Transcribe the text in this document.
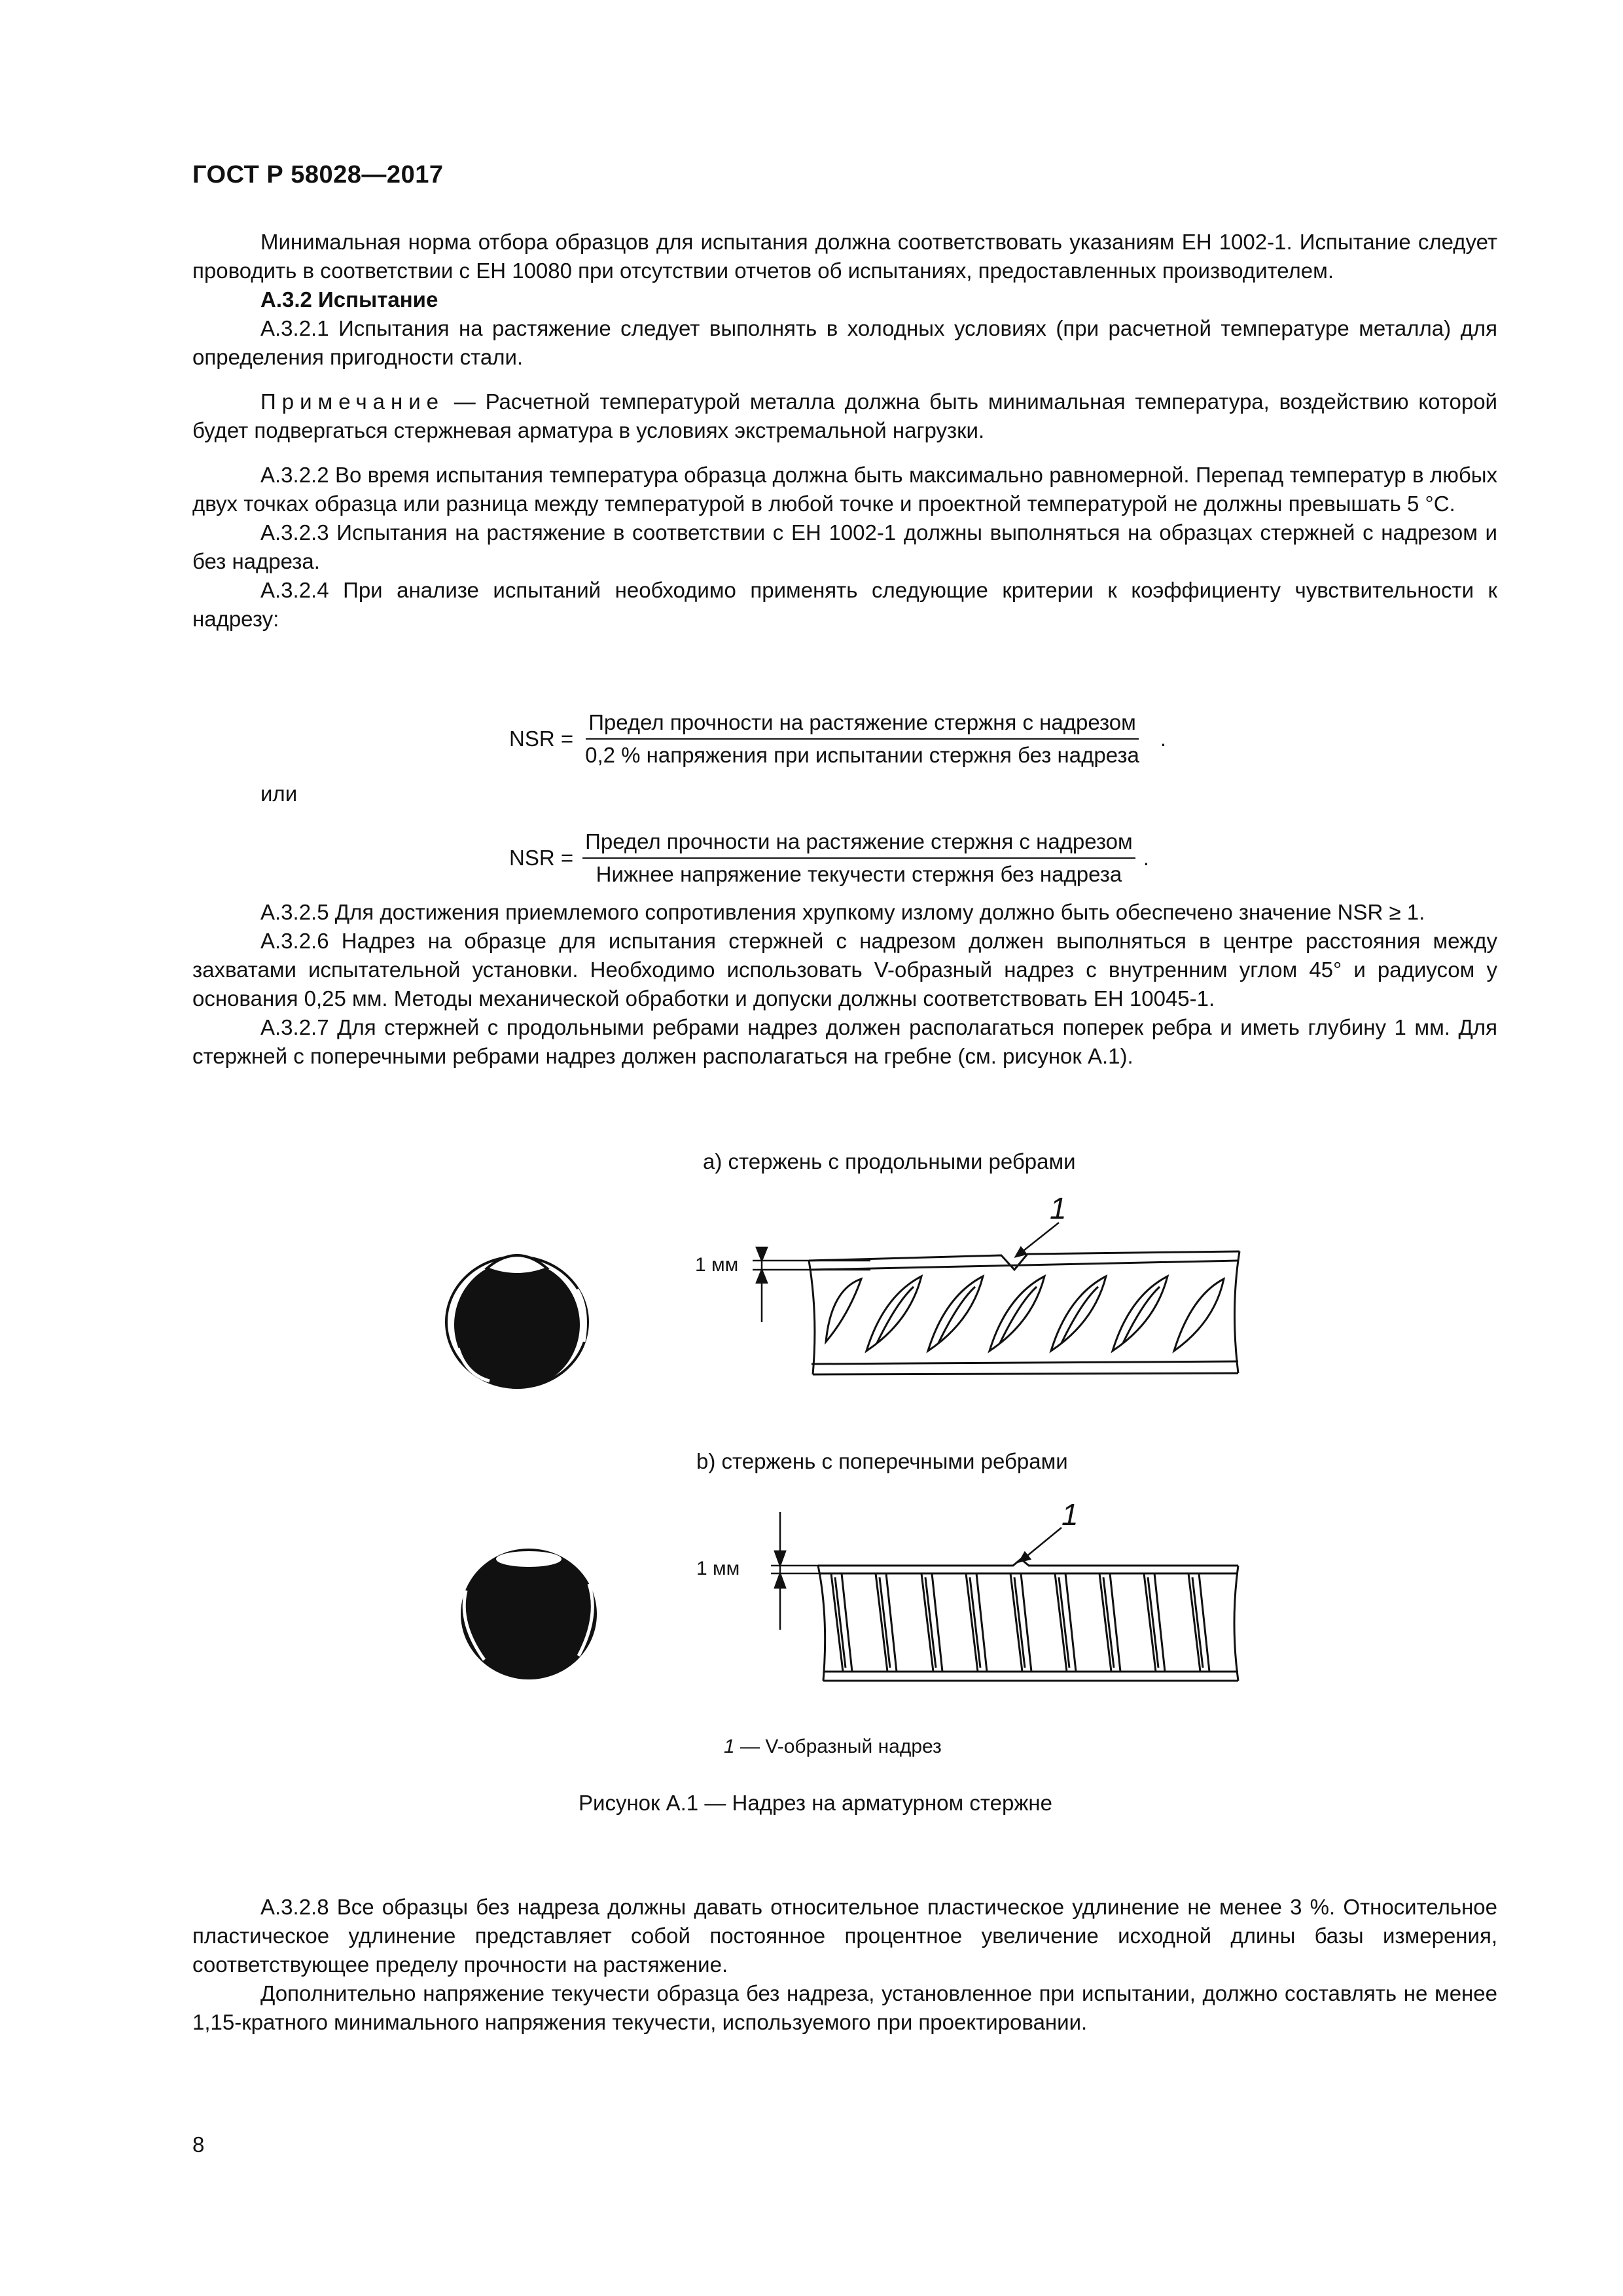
ГОСТ Р 58028—2017

Минимальная норма отбора образцов для испытания должна соответствовать указаниям ЕН 1002-1. Испытание следует проводить в соответствии с ЕН 10080 при отсутствии отчетов об испытаниях, предоставленных производителем.

А.3.2 Испытание

А.3.2.1 Испытания на растяжение следует выполнять в холодных условиях (при расчетной температуре металла) для определения пригодности стали.

Примечание — Расчетной температурой металла должна быть минимальная температура, воздействию которой будет подвергаться стержневая арматура в условиях экстремальной нагрузки.

А.3.2.2 Во время испытания температура образца должна быть максимально равномерной. Перепад температур в любых двух точках образца или разница между температурой в любой точке и проектной температурой не должны превышать 5 °С.

А.3.2.3 Испытания на растяжение в соответствии с ЕН 1002-1 должны выполняться на образцах стержней с надрезом и без надреза.

А.3.2.4 При анализе испытаний необходимо применять следующие критерии к коэффициенту чувствительности к надрезу:

NSR = $\frac{\text{Предел прочности на растяжение стержня с надрезом}}{\text{0,2 \% напряжения при испытании стержня без надреза}}$ .
или
NSR = $\frac{\text{Предел прочности на растяжение стержня с надрезом}}{\text{Нижнее напряжение текучести стержня без надреза}}$ .

А.3.2.5 Для достижения приемлемого сопротивления хрупкому излому должно быть обеспечено значение NSR ≥ 1.

А.3.2.6 Надрез на образце для испытания стержней с надрезом должен выполняться в центре расстояния между захватами испытательной установки. Необходимо использовать V-образный надрез с внутренним углом 45° и радиусом у основания 0,25 мм. Методы механической обработки и допуски должны соответствовать ЕН 10045-1.

А.3.2.7 Для стержней с продольными ребрами надрез должен располагаться поперек ребра и иметь глубину 1 мм. Для стержней с поперечными ребрами надрез должен располагаться на гребне (см. рисунок А.1).

а) стержень с продольными ребрами
b) стержень с поперечными ребрами
1 мм
1
1 мм
1
1 — V-образный надрез
Рисунок А.1 — Надрез на арматурном стержне

А.3.2.8 Все образцы без надреза должны давать относительное пластическое удлинение не менее 3 %. Относительное пластическое удлинение представляет собой постоянное процентное увеличение исходной длины базы измерения, соответствующее пределу прочности на растяжение.

Дополнительно напряжение текучести образца без надреза, установленное при испытании, должно составлять не менее 1,15-кратного минимального напряжения текучести, используемого при проектировании.

8
